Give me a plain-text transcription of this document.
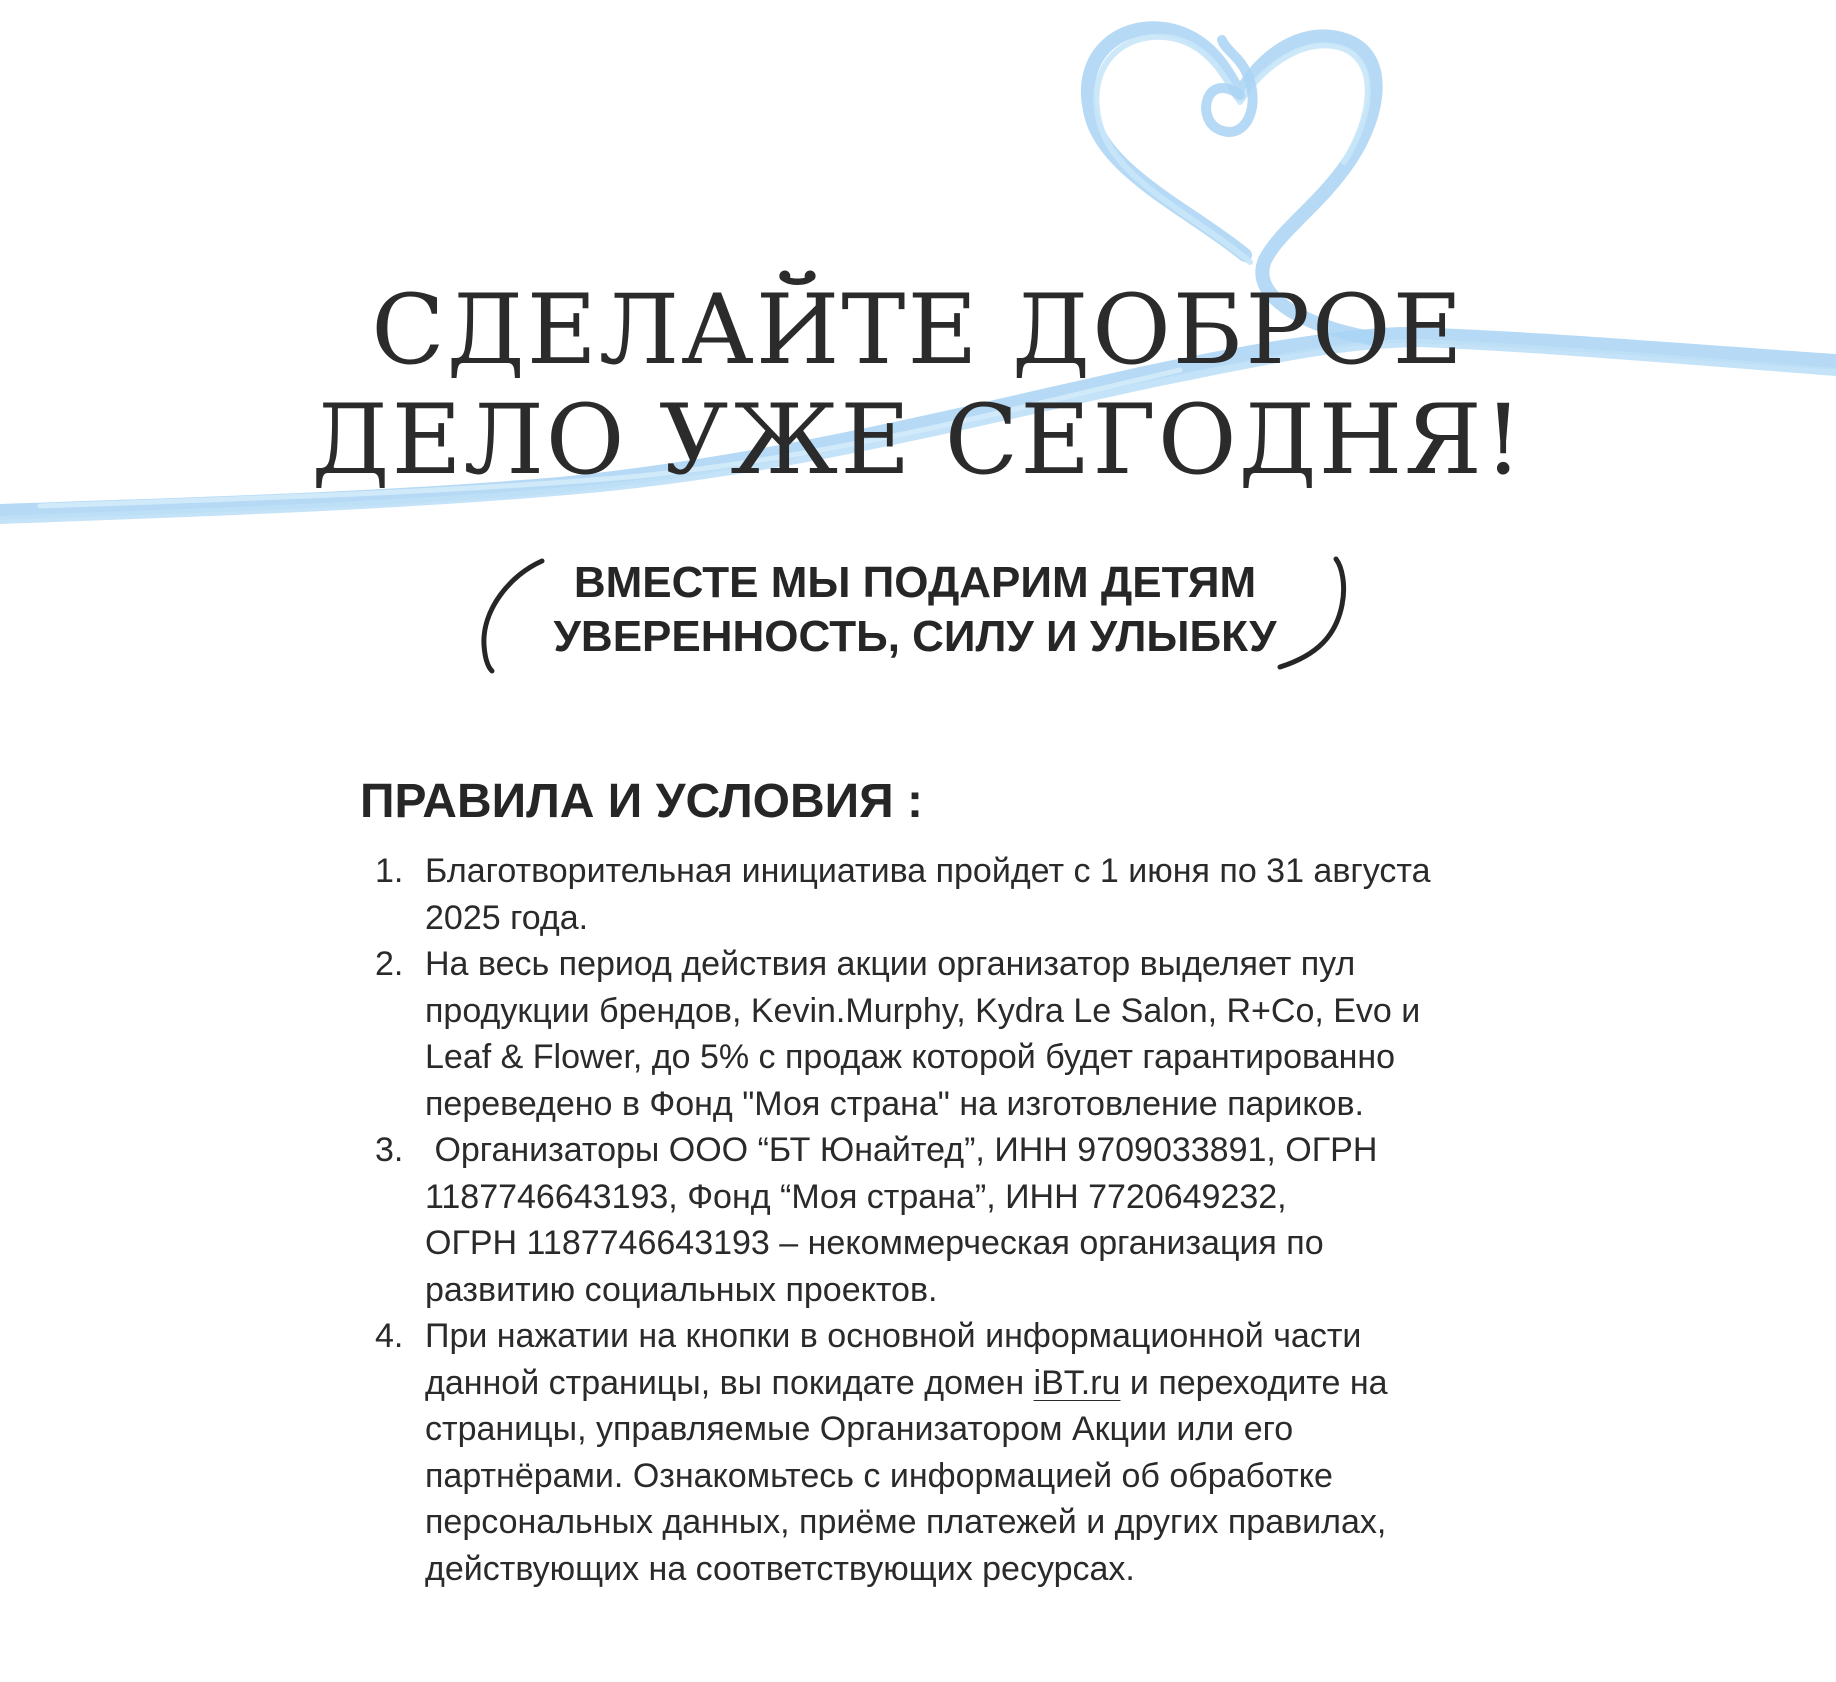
СДЕЛАЙТЕ ДОБРОЕ
ДЕЛО УЖЕ СЕГОДНЯ!
ВМЕСТЕ МЫ ПОДАРИМ ДЕТЯМ
УВЕРЕННОСТЬ, СИЛУ И УЛЫБКУ
ПРАВИЛА И УСЛОВИЯ :
1. Благотворительная инициатива пройдет с 1 июня по 31 августа
2025 года.
2. На весь период действия акции организатор выделяет пул
продукции брендов, Kevin.Murphy, Kydra Le Salon, R+Co, Evo и
Leaf & Flower, до 5% с продаж которой будет гарантированно
переведено в Фонд "Моя страна" на изготовление париков.
3. Организаторы ООО “БТ Юнайтед”, ИНН 9709033891, ОГРН
1187746643193, Фонд “Моя страна”, ИНН 7720649232,
ОГРН 1187746643193 – некоммерческая организация по
развитию социальных проектов.
4. При нажатии на кнопки в основной информационной части
данной страницы, вы покидате домен iBT.ru и переходите на
страницы, управляемые Организатором Акции или его
партнёрами. Ознакомьтесь с информацией об обработке
персональных данных, приёме платежей и других правилах,
действующих на соответствующих ресурсах.
